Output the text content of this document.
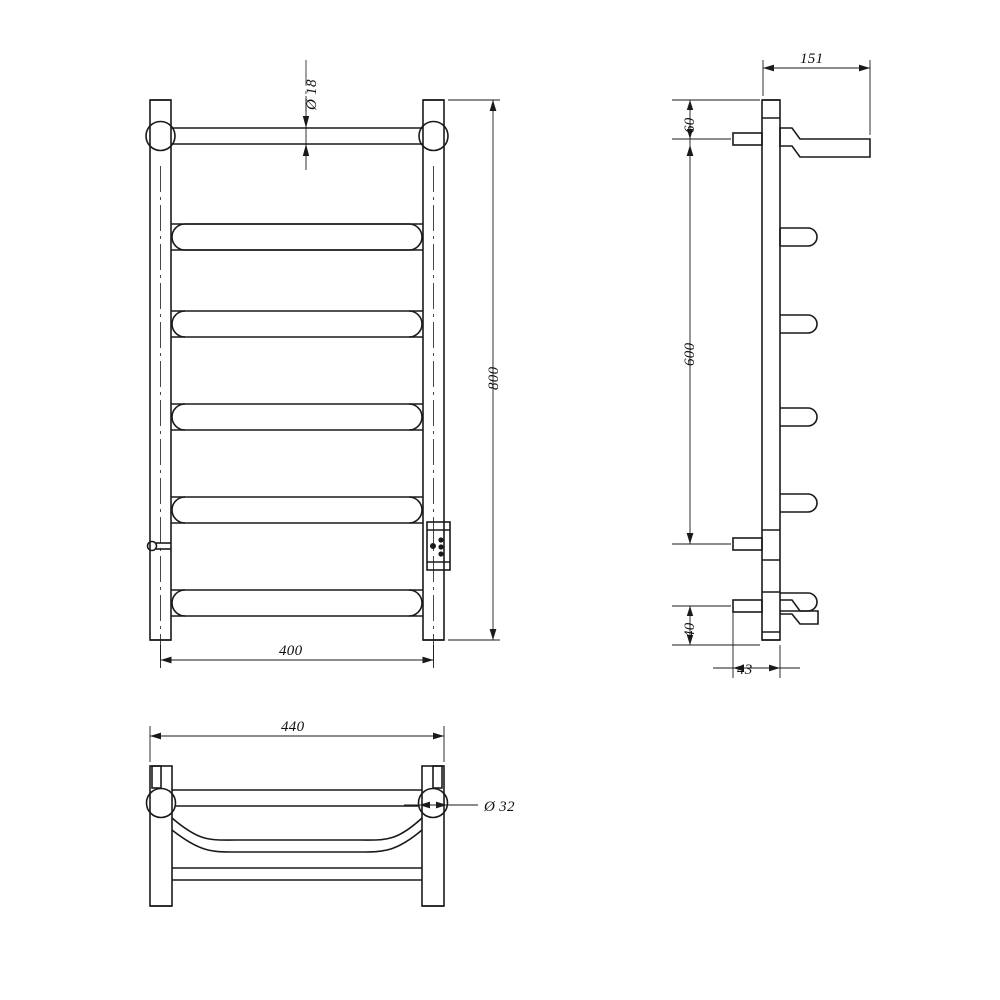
Ø 18
800
400
151
60
600
40
43
440
Ø 32
